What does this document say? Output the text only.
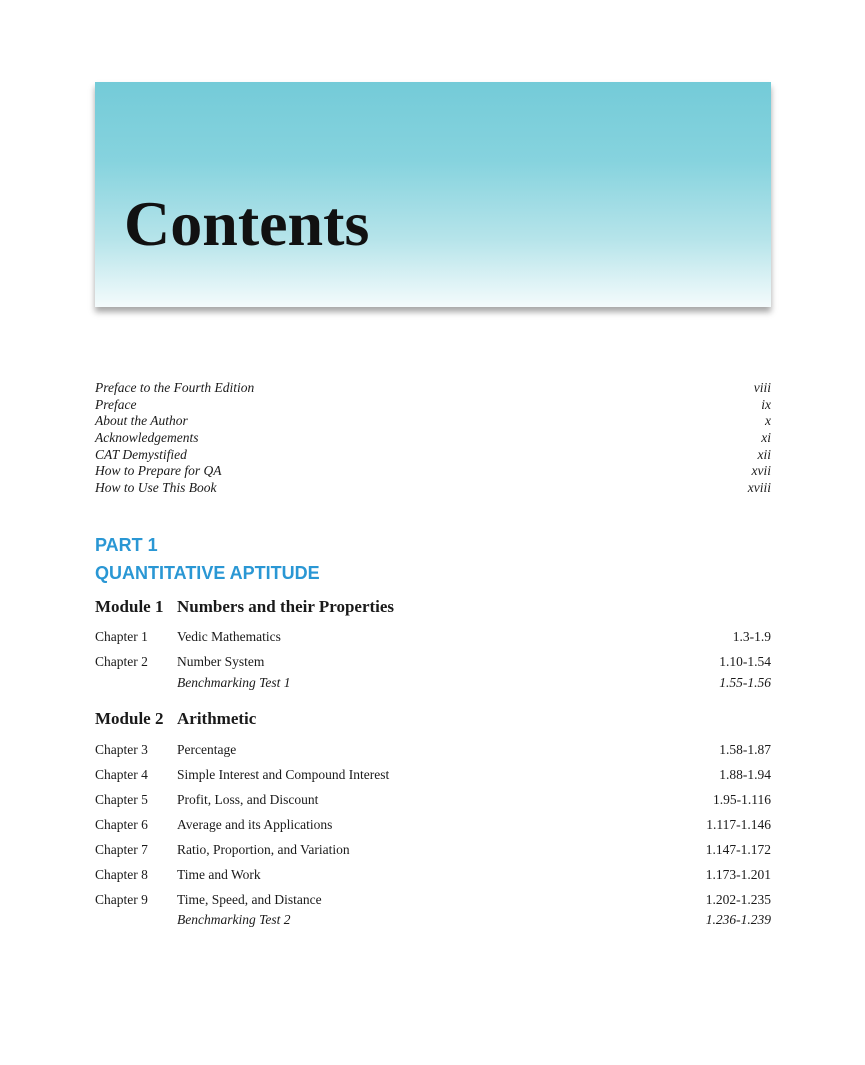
Contents
Preface to the Fourth Edition	viii
Preface	ix
About the Author	x
Acknowledgements	xi
CAT Demystified	xii
How to Prepare for QA	xvii
How to Use This Book	xviii
PART 1
QUANTITATIVE APTITUDE
Module 1 Numbers and their Properties
Chapter 1 Vedic Mathematics	1.3-1.9
Chapter 2 Number System	1.10-1.54
Benchmarking Test 1	1.55-1.56
Module 2 Arithmetic
Chapter 3 Percentage	1.58-1.87
Chapter 4 Simple Interest and Compound Interest	1.88-1.94
Chapter 5 Profit, Loss, and Discount	1.95-1.116
Chapter 6 Average and its Applications	1.117-1.146
Chapter 7 Ratio, Proportion, and Variation	1.147-1.172
Chapter 8 Time and Work	1.173-1.201
Chapter 9 Time, Speed, and Distance	1.202-1.235
Benchmarking Test 2	1.236-1.239
